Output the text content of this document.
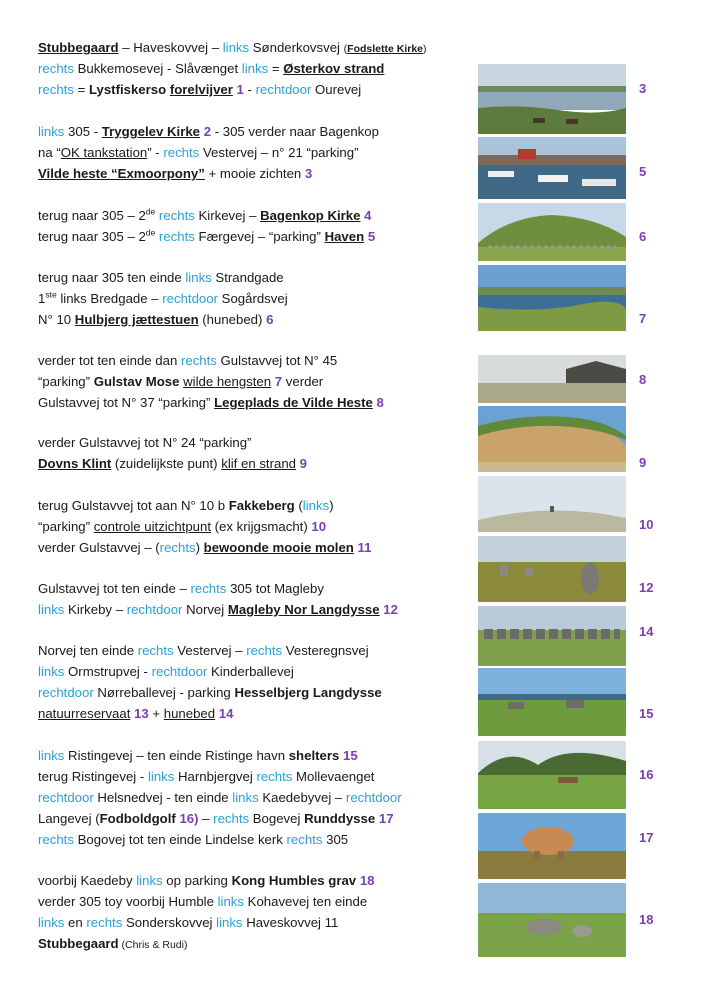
Stubbegaard – Haveskovvej – links Sønderkovsvej (Fodslette Kirke)
rechts Bukkemosevej - Slåvænget links = Østerkov strand
rechts = Lystfiskerso forelvijver 1 - rechtdoor Ourevej
links 305 - Tryggelev Kirke 2 - 305 verder naar Bagenkop
na “OK tankstation” - rechts Vestervej – n° 21 “parking”
Vilde heste “Exmoorpony” + mooie zichten 3
terug naar 305 – 2de rechts Kirkevej – Bagenkop Kirke 4
terug naar 305 – 2de rechts Færgevej – “parking” Haven 5
terug naar 305 ten einde links Strandgade
1ste links Bredgade – rechtdoor Sogårdsvej
N° 10 Hulbjerg jættestuen (hunebed) 6
verder tot ten einde dan rechts Gulstavvej tot N° 45
“parking” Gulstav Mose wilde hengsten 7 verder
Gulstavvej tot N° 37 “parking” Legeplads de Vilde Heste 8
verder Gulstavvej tot N° 24 “parking”
Dovns Klint (zuidelijkste punt) klif en strand 9
terug Gulstavvej tot aan N° 10 b Fakkeberg (links)
“parking” controle uitzichtpunt (ex krijgsmacht) 10
verder Gulstavvej – (rechts) bewoonde mooie molen 11
Gulstavvej tot ten einde – rechts 305 tot Magleby
links Kirkeby – rechtdoor Norvej Magleby Nor Langdysse 12
Norvej ten einde rechts Vestervej – rechts Vesteregnsvej
links Ormstrupvej - rechtdoor Kinderballevej
rechtdoor Nørreballevej - parking Hesselbjerg Langdysse
natuurreservaat 13 + hunebed 14
links Ristingevej – ten einde Ristinge havn shelters 15
terug Ristingevej - links Harnbjergvej rechts Mollevaenget
rechtdoor Helsnedvej - ten einde links Kaedebyvej – rechtdoor
Langevej (Fodboldgolf 16) – rechts Bogevej Runddysse 17
rechts Bogovej tot ten einde Lindelse kerk rechts 305
voorbij Kaedeby links op parking Kong Humbles grav 18
verder 305 toy voorbij Humble links Kohavevej ten einde
links en rechts Sonderskovvej links Haveskovvej 11
Stubbegaard (Chris & Rudi)
3
5
6
7
8
9
10
12
14
15
16
17
18
